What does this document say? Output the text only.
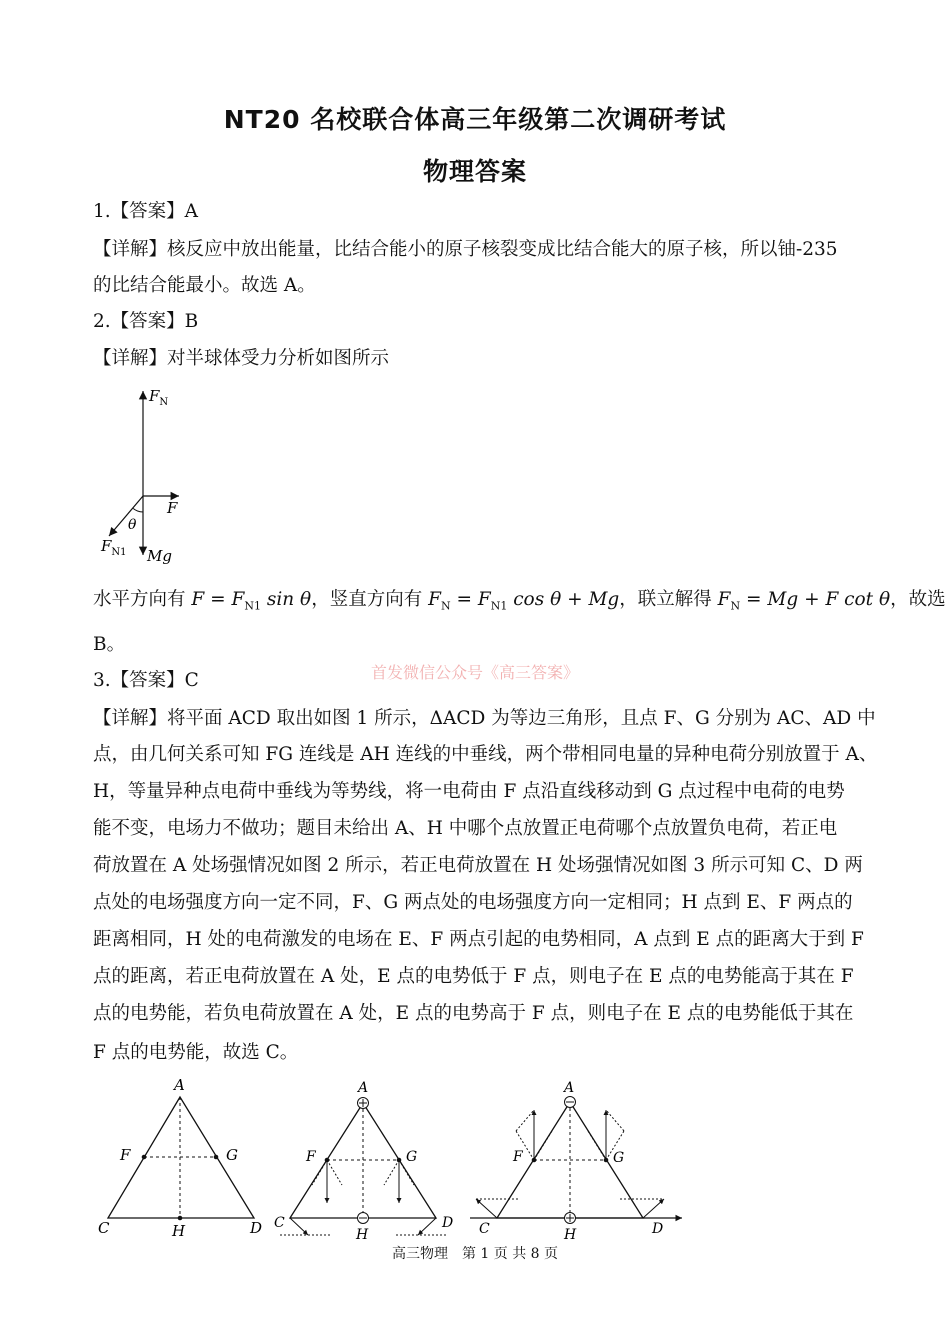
NT20 名校联合体高三年级第二次调研考试
物理答案
1.【答案】A
【详解】核反应中放出能量，比结合能小的原子核裂变成比结合能大的原子核，所以铀-235
的比结合能最小。故选 A。
2.【答案】B
【详解】对半球体受力分析如图所示
$F_N$
F
θ
$F_{N1}$ Mg
水平方向有 $F = F_{N1}$ sin θ，竖直方向有 $F_N = F_{N1}$ cos θ + Mg，联立解得 $F_N = Mg + F$ cot θ，故选
B。
首发微信公众号《高三答案》
3.【答案】C
【详解】将平面 ACD 取出如图 1 所示，ΔACD 为等边三角形，且点 F、G 分别为 AC、AD 中
点，由几何关系可知 FG 连线是 AH 连线的中垂线，两个带相同电量的异种电荷分别放置于 A、
H，等量异种点电荷中垂线为等势线，将一电荷由 F 点沿直线移动到 G 点过程中电荷的电势
能不变，电场力不做功；题目未给出 A、H 中哪个点放置正电荷哪个点放置负电荷，若正电
荷放置在 A 处场强情况如图 2 所示，若正电荷放置在 H 处场强情况如图 3 所示可知 C、D 两
点处的电场强度方向一定不同，F、G 两点处的电场强度方向一定相同；H 点到 E、F 两点的
距离相同，H 处的电荷激发的电场在 E、F 两点引起的电势相同，A 点到 E 点的距离大于到 F
点的距离，若正电荷放置在 A 处，E 点的电势低于 F 点，则电子在 E 点的电势能高于其在 F
点的电势能，若负电荷放置在 A 处，E 点的电势高于 F 点，则电子在 E 点的电势能低于其在
F 点的电势能，故选 C。
A
F	G
C	H	D
A
F	G
C
H
D
A
F	G
C	H	D
高三物理　第 1 页 共 8 页
